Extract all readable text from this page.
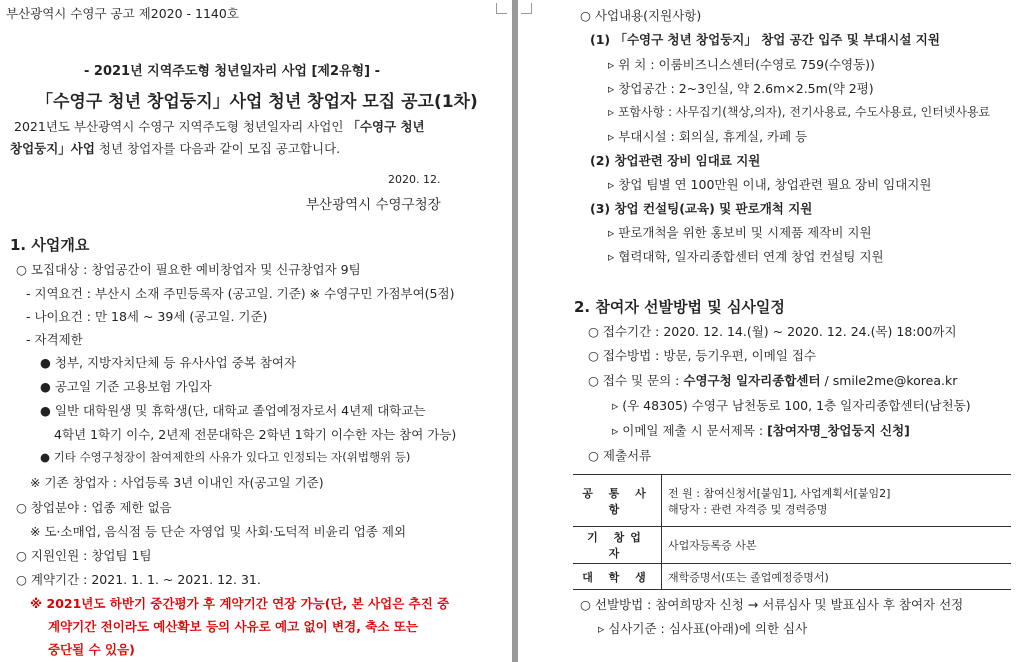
부산광역시 수영구 공고 제2020 - 1140호
- 2021년 지역주도형 청년일자리 사업 [제2유형] -
「수영구 청년 창업둥지」사업 청년 창업자 모집 공고(1차)
2021년도 부산광역시 수영구 지역주도형 청년일자리 사업인 「수영구 청년
창업둥지」사업 청년 창업자를 다음과 같이 모집 공고합니다.
2020. 12.
부산광역시 수영구청장
1. 사업개요
○ 모집대상 : 창업공간이 필요한 예비창업자 및 신규창업자 9팀
- 지역요건 : 부산시 소재 주민등록자 (공고일. 기준) ※ 수영구민 가점부여(5점)
- 나이요건 : 만 18세 ~ 39세 (공고일. 기준)
- 자격제한
● 청부, 지방자치단체 등 유사사업 중복 참여자
● 공고일 기준 고용보험 가입자
● 일반 대학원생 및 휴학생(단, 대학교 졸업예정자로서 4년제 대학교는
4학년 1학기 이수, 2년제 전문대학은 2학년 1학기 이수한 자는 참여 가능)
● 기타 수영구청장이 참여제한의 사유가 있다고 인정되는 자(위법행위 등)
※ 기존 창업자 : 사업등록 3년 이내인 자(공고일 기준)
○ 창업분야 : 업종 제한 없음
※ 도·소매업, 음식점 등 단순 자영업 및 사회·도덕적 비윤리 업종 제외
○ 지원인원 : 창업팀 1팀
○ 계약기간 : 2021. 1. 1. ~ 2021. 12. 31.
※ 2021년도 하반기 중간평가 후 계약기간 연장 가능(단, 본 사업은 추진 중
계약기간 전이라도 예산확보 등의 사유로 예고 없이 변경, 축소 또는
중단될 수 있음)
○ 사업내용(지원사항)
(1) 「수영구 청년 창업둥지」 창업 공간 입주 및 부대시설 지원
▹ 위 치 : 이룸비즈니스센터(수영로 759(수영동))
▹ 창업공간 : 2~3인실, 약 2.6m×2.5m(약 2평)
▹ 포함사항 : 사무집기(책상,의자), 전기사용료, 수도사용료, 인터넷사용료
▹ 부대시설 : 회의실, 휴게실, 카페 등
(2) 창업관련 장비 임대료 지원
▹ 창업 팀별 연 100만원 이내, 창업관련 필요 장비 임대지원
(3) 창업 컨설팅(교육) 및 판로개척 지원
▹ 판로개척을 위한 홍보비 및 시제품 제작비 지원
▹ 협력대학, 일자리종합센터 연계 창업 컨설팅 지원
2. 참여자 선발방법 및 심사일정
○ 접수기간 : 2020. 12. 14.(월) ~ 2020. 12. 24.(목) 18:00까지
○ 접수방법 : 방문, 등기우편, 이메일 접수
○ 접수 및 문의 : 수영구청 일자리종합센터 / smile2me@korea.kr
▹ (우 48305) 수영구 남천동로 100, 1층 일자리종합센터(남천동)
▹ 이메일 제출 시 문서제목 : [참여자명_창업둥지 신청]
○ 제출서류
공 통 사 항	전 원 : 참여신청서[붙임1], 사업계획서[붙임2]
해당자 : 관련 자격증 및 경력증명

기 창업자	사업자등록증 사본
대 학 생	재학증명서(또는 졸업예정증명서)
○ 선발방법 : 참여희망자 신청 → 서류심사 및 발표심사 후 참여자 선정
▹ 심사기준 : 심사표(아래)에 의한 심사
